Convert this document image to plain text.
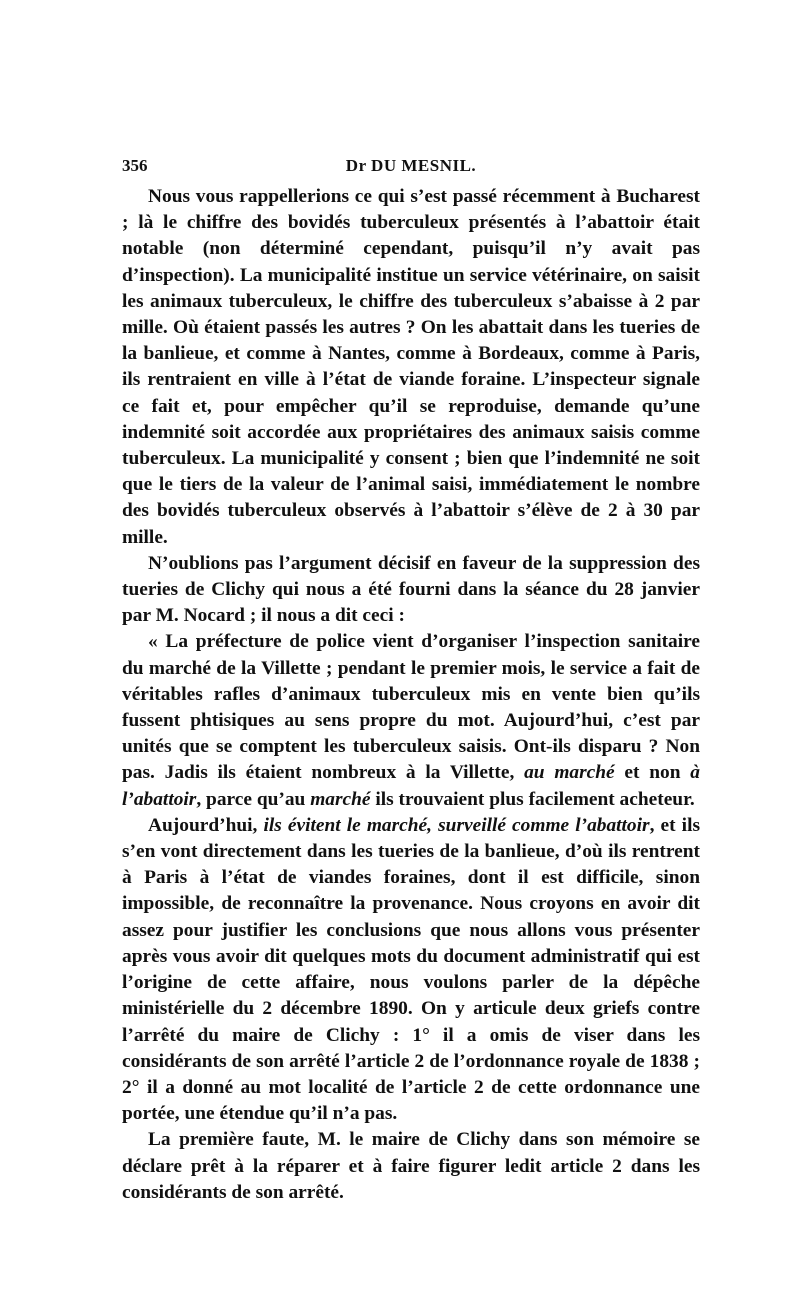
356	Dr DU MESNIL.

Nous vous rappellerions ce qui s’est passé récemment à Bucharest ; là le chiffre des bovidés tuberculeux présentés à l’abattoir était notable (non déterminé cependant, puisqu’il n’y avait pas d’inspection). La municipalité institue un service vétérinaire, on saisit les animaux tuberculeux, le chiffre des tuberculeux s’abaisse à 2 par mille. Où étaient passés les autres ? On les abattait dans les tueries de la banlieue, et comme à Nantes, comme à Bordeaux, comme à Paris, ils rentraient en ville à l’état de viande foraine. L’inspecteur signale ce fait et, pour empêcher qu’il se reproduise, demande qu’une indemnité soit accordée aux propriétaires des animaux saisis comme tuberculeux. La municipalité y consent ; bien que l’indemnité ne soit que le tiers de la valeur de l’animal saisi, immédiatement le nombre des bovidés tuberculeux observés à l’abattoir s’élève de 2 à 30 par mille.

N’oublions pas l’argument décisif en faveur de la suppression des tueries de Clichy qui nous a été fourni dans la séance du 28 janvier par M. Nocard ; il nous a dit ceci :

« La préfecture de police vient d’organiser l’inspection sanitaire du marché de la Villette ; pendant le premier mois, le service a fait de véritables rafles d’animaux tuberculeux mis en vente bien qu’ils fussent phtisiques au sens propre du mot. Aujourd’hui, c’est par unités que se comptent les tuberculeux saisis. Ont-ils disparu ? Non pas. Jadis ils étaient nombreux à la Villette, au marché et non à l’abattoir, parce qu’au marché ils trouvaient plus facilement acheteur.

Aujourd’hui, ils évitent le marché, surveillé comme l’abattoir, et ils s’en vont directement dans les tueries de la banlieue, d’où ils rentrent à Paris à l’état de viandes foraines, dont il est difficile, sinon impossible, de reconnaître la provenance. Nous croyons en avoir dit assez pour justifier les conclusions que nous allons vous présenter après vous avoir dit quelques mots du document administratif qui est l’origine de cette affaire, nous voulons parler de la dépêche ministérielle du 2 décembre 1890. On y articule deux griefs contre l’arrêté du maire de Clichy : 1° il a omis de viser dans les considérants de son arrêté l’article 2 de l’ordonnance royale de 1838 ; 2° il a donné au mot localité de l’article 2 de cette ordonnance une portée, une étendue qu’il n’a pas.

La première faute, M. le maire de Clichy dans son mémoire se déclare prêt à la réparer et à faire figurer ledit article 2 dans les considérants de son arrêté.
